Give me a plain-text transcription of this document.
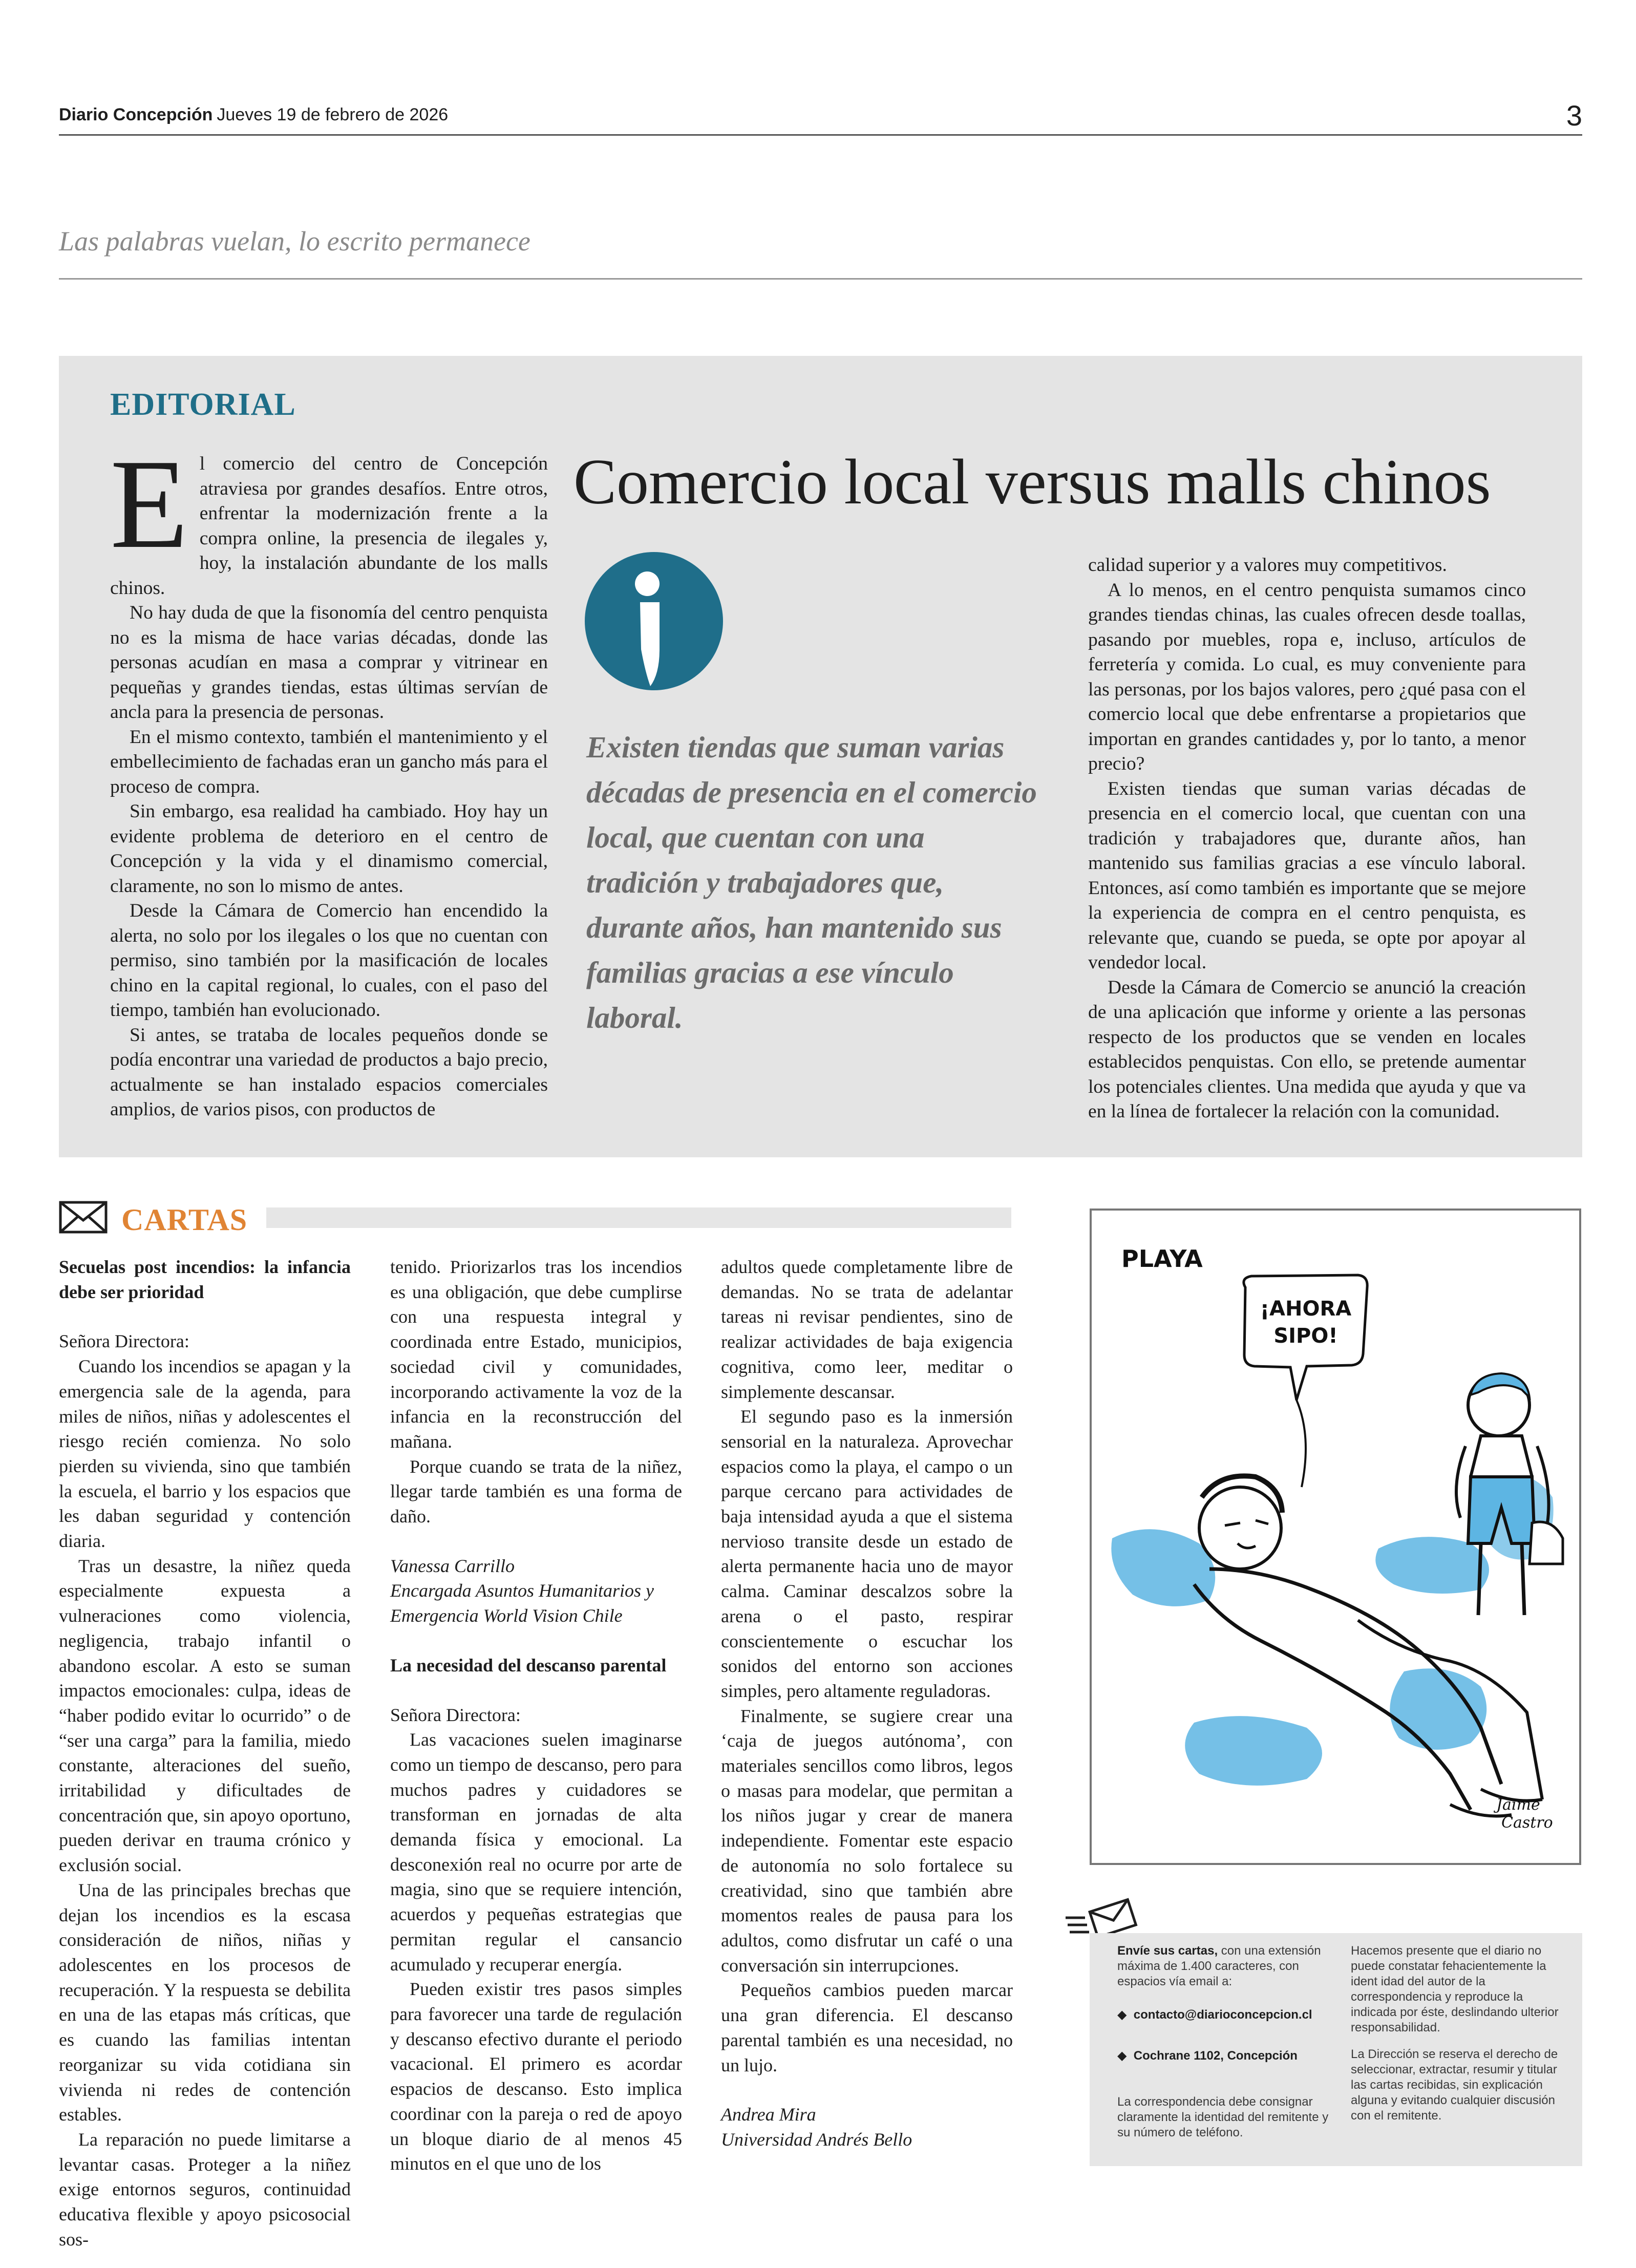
Diario Concepción Jueves 19 de febrero de 2026	3
Las palabras vuelan, lo escrito permanece
EDITORIAL

El comercio del centro de Concepción atraviesa por grandes desafíos. Entre otros, enfrentar la modernización frente a la compra online, la presencia de ilegales y, hoy, la instalación abundante de los malls chinos.

No hay duda de que la fisonomía del centro penquista no es la misma de hace varias décadas, donde las personas acudían en masa a comprar y vitrinear en pequeñas y grandes tiendas, estas últimas servían de ancla para la presencia de personas.

En el mismo contexto, también el mantenimiento y el embellecimiento de fachadas eran un gancho más para el proceso de compra.

Sin embargo, esa realidad ha cambiado. Hoy hay un evidente problema de deterioro en el centro de Concepción y la vida y el dinamismo comercial, claramente, no son lo mismo de antes.

Desde la Cámara de Comercio han encendido la alerta, no solo por los ilegales o los que no cuentan con permiso, sino también por la masificación de locales chino en la capital regional, lo cuales, con el paso del tiempo, también han evolucionado.

Si antes, se trataba de locales pequeños donde se podía encontrar una variedad de productos a bajo precio, actualmente se han instalado espacios comerciales amplios, de varios pisos, con productos de

Comercio local versus malls chinos
Existen tiendas que suman varias décadas de presencia en el comercio local, que cuentan con una tradición y trabajadores que, durante años, han mantenido sus familias gracias a ese vínculo laboral.

calidad superior y a valores muy competitivos.

A lo menos, en el centro penquista sumamos cinco grandes tiendas chinas, las cuales ofrecen desde toallas, pasando por muebles, ropa e, incluso, artículos de ferretería y comida. Lo cual, es muy conveniente para las personas, por los bajos valores, pero ¿qué pasa con el comercio local que debe enfrentarse a propietarios que importan en grandes cantidades y, por lo tanto, a menor precio?

Existen tiendas que suman varias décadas de presencia en el comercio local, que cuentan con una tradición y trabajadores que, durante años, han mantenido sus familias gracias a ese vínculo laboral. Entonces, así como también es importante que se mejore la experiencia de compra en el centro penquista, es relevante que, cuando se pueda, se opte por apoyar al vendedor local.

Desde la Cámara de Comercio se anunció la creación de una aplicación que informe y oriente a las personas respecto de los productos que se venden en locales establecidos penquistas. Con ello, se pretende aumentar los potenciales clientes. Una medida que ayuda y que va en la línea de fortalecer la relación con la comunidad.

CARTAS

Secuelas post incendios: la infancia debe ser prioridad

Señora Directora:

Cuando los incendios se apagan y la emergencia sale de la agenda, para miles de niños, niñas y adolescentes el riesgo recién comienza. No solo pierden su vivienda, sino que también la escuela, el barrio y los espacios que les daban seguridad y contención diaria.

Tras un desastre, la niñez queda especialmente expuesta a vulneraciones como violencia, negligencia, trabajo infantil o abandono escolar. A esto se suman impactos emocionales: culpa, ideas de “haber podido evitar lo ocurrido” o de “ser una carga” para la familia, miedo constante, alteraciones del sueño, irritabilidad y dificultades de concentración que, sin apoyo oportuno, pueden derivar en trauma crónico y exclusión social.

Una de las principales brechas que dejan los incendios es la escasa consideración de niños, niñas y adolescentes en los procesos de recuperación. Y la respuesta se debilita en una de las etapas más críticas, que es cuando las familias intentan reorganizar su vida cotidiana sin vivienda ni redes de contención estables.

La reparación no puede limitarse a levantar casas. Proteger a la niñez exige entornos seguros, continuidad educativa flexible y apoyo psicosocial sos-

tenido. Priorizarlos tras los incendios es una obligación, que debe cumplirse con una respuesta integral y coordinada entre Estado, municipios, sociedad civil y comunidades, incorporando activamente la voz de la infancia en la reconstrucción del mañana.

Porque cuando se trata de la niñez, llegar tarde también es una forma de daño.

Vanessa Carrillo

Encargada Asuntos Humanitarios y Emergencia World Vision Chile

La necesidad del descanso parental

Señora Directora:

Las vacaciones suelen imaginarse como un tiempo de descanso, pero para muchos padres y cuidadores se transforman en jornadas de alta demanda física y emocional. La desconexión real no ocurre por arte de magia, sino que se requiere intención, acuerdos y pequeñas estrategias que permitan regular el cansancio acumulado y recuperar energía.

Pueden existir tres pasos simples para favorecer una tarde de regulación y descanso efectivo durante el periodo vacacional. El primero es acordar espacios de descanso. Esto implica coordinar con la pareja o red de apoyo un bloque diario de al menos 45 minutos en el que uno de los

adultos quede completamente libre de demandas. No se trata de adelantar tareas ni revisar pendientes, sino de realizar actividades de baja exigencia cognitiva, como leer, meditar o simplemente descansar.

El segundo paso es la inmersión sensorial en la naturaleza. Aprovechar espacios como la playa, el campo o un parque cercano para actividades de baja intensidad ayuda a que el sistema nervioso transite desde un estado de alerta permanente hacia uno de mayor calma. Caminar descalzos sobre la arena o el pasto, respirar conscientemente o escuchar los sonidos del entorno son acciones simples, pero altamente reguladoras.

Finalmente, se sugiere crear una ‘caja de juegos autónoma’, con materiales sencillos como libros, legos o masas para modelar, que permitan a los niños jugar y crear de manera independiente. Fomentar este espacio de autonomía no solo fortalece su creatividad, sino que también abre momentos reales de pausa para los adultos, como disfrutar un café o una conversación sin interrupciones.

Pequeños cambios pueden marcar una gran diferencia. El descanso parental también es una necesidad, no un lujo.

Andrea Mira

Universidad Andrés Bello

PLAYA
¡AHORA
SIPO!
Jaime
Castro
Envíe sus cartas, con una extensión máxima de 1.400 caracteres, con espacios vía email a:
◆  contacto@diarioconcepcion.cl
◆  Cochrane 1102, Concepción
La correspondencia debe consignar claramente la identidad del remitente y su número de teléfono.
Hacemos presente que el diario no puede constatar fehacientemente la ident idad del autor de la correspondencia y reproduce la indicada por éste, deslindando ulterior responsabilidad.
La Dirección se reserva el derecho de seleccionar, extractar, resumir y titular las cartas recibidas, sin explicación alguna y evitando cualquier discusión con el remitente.
